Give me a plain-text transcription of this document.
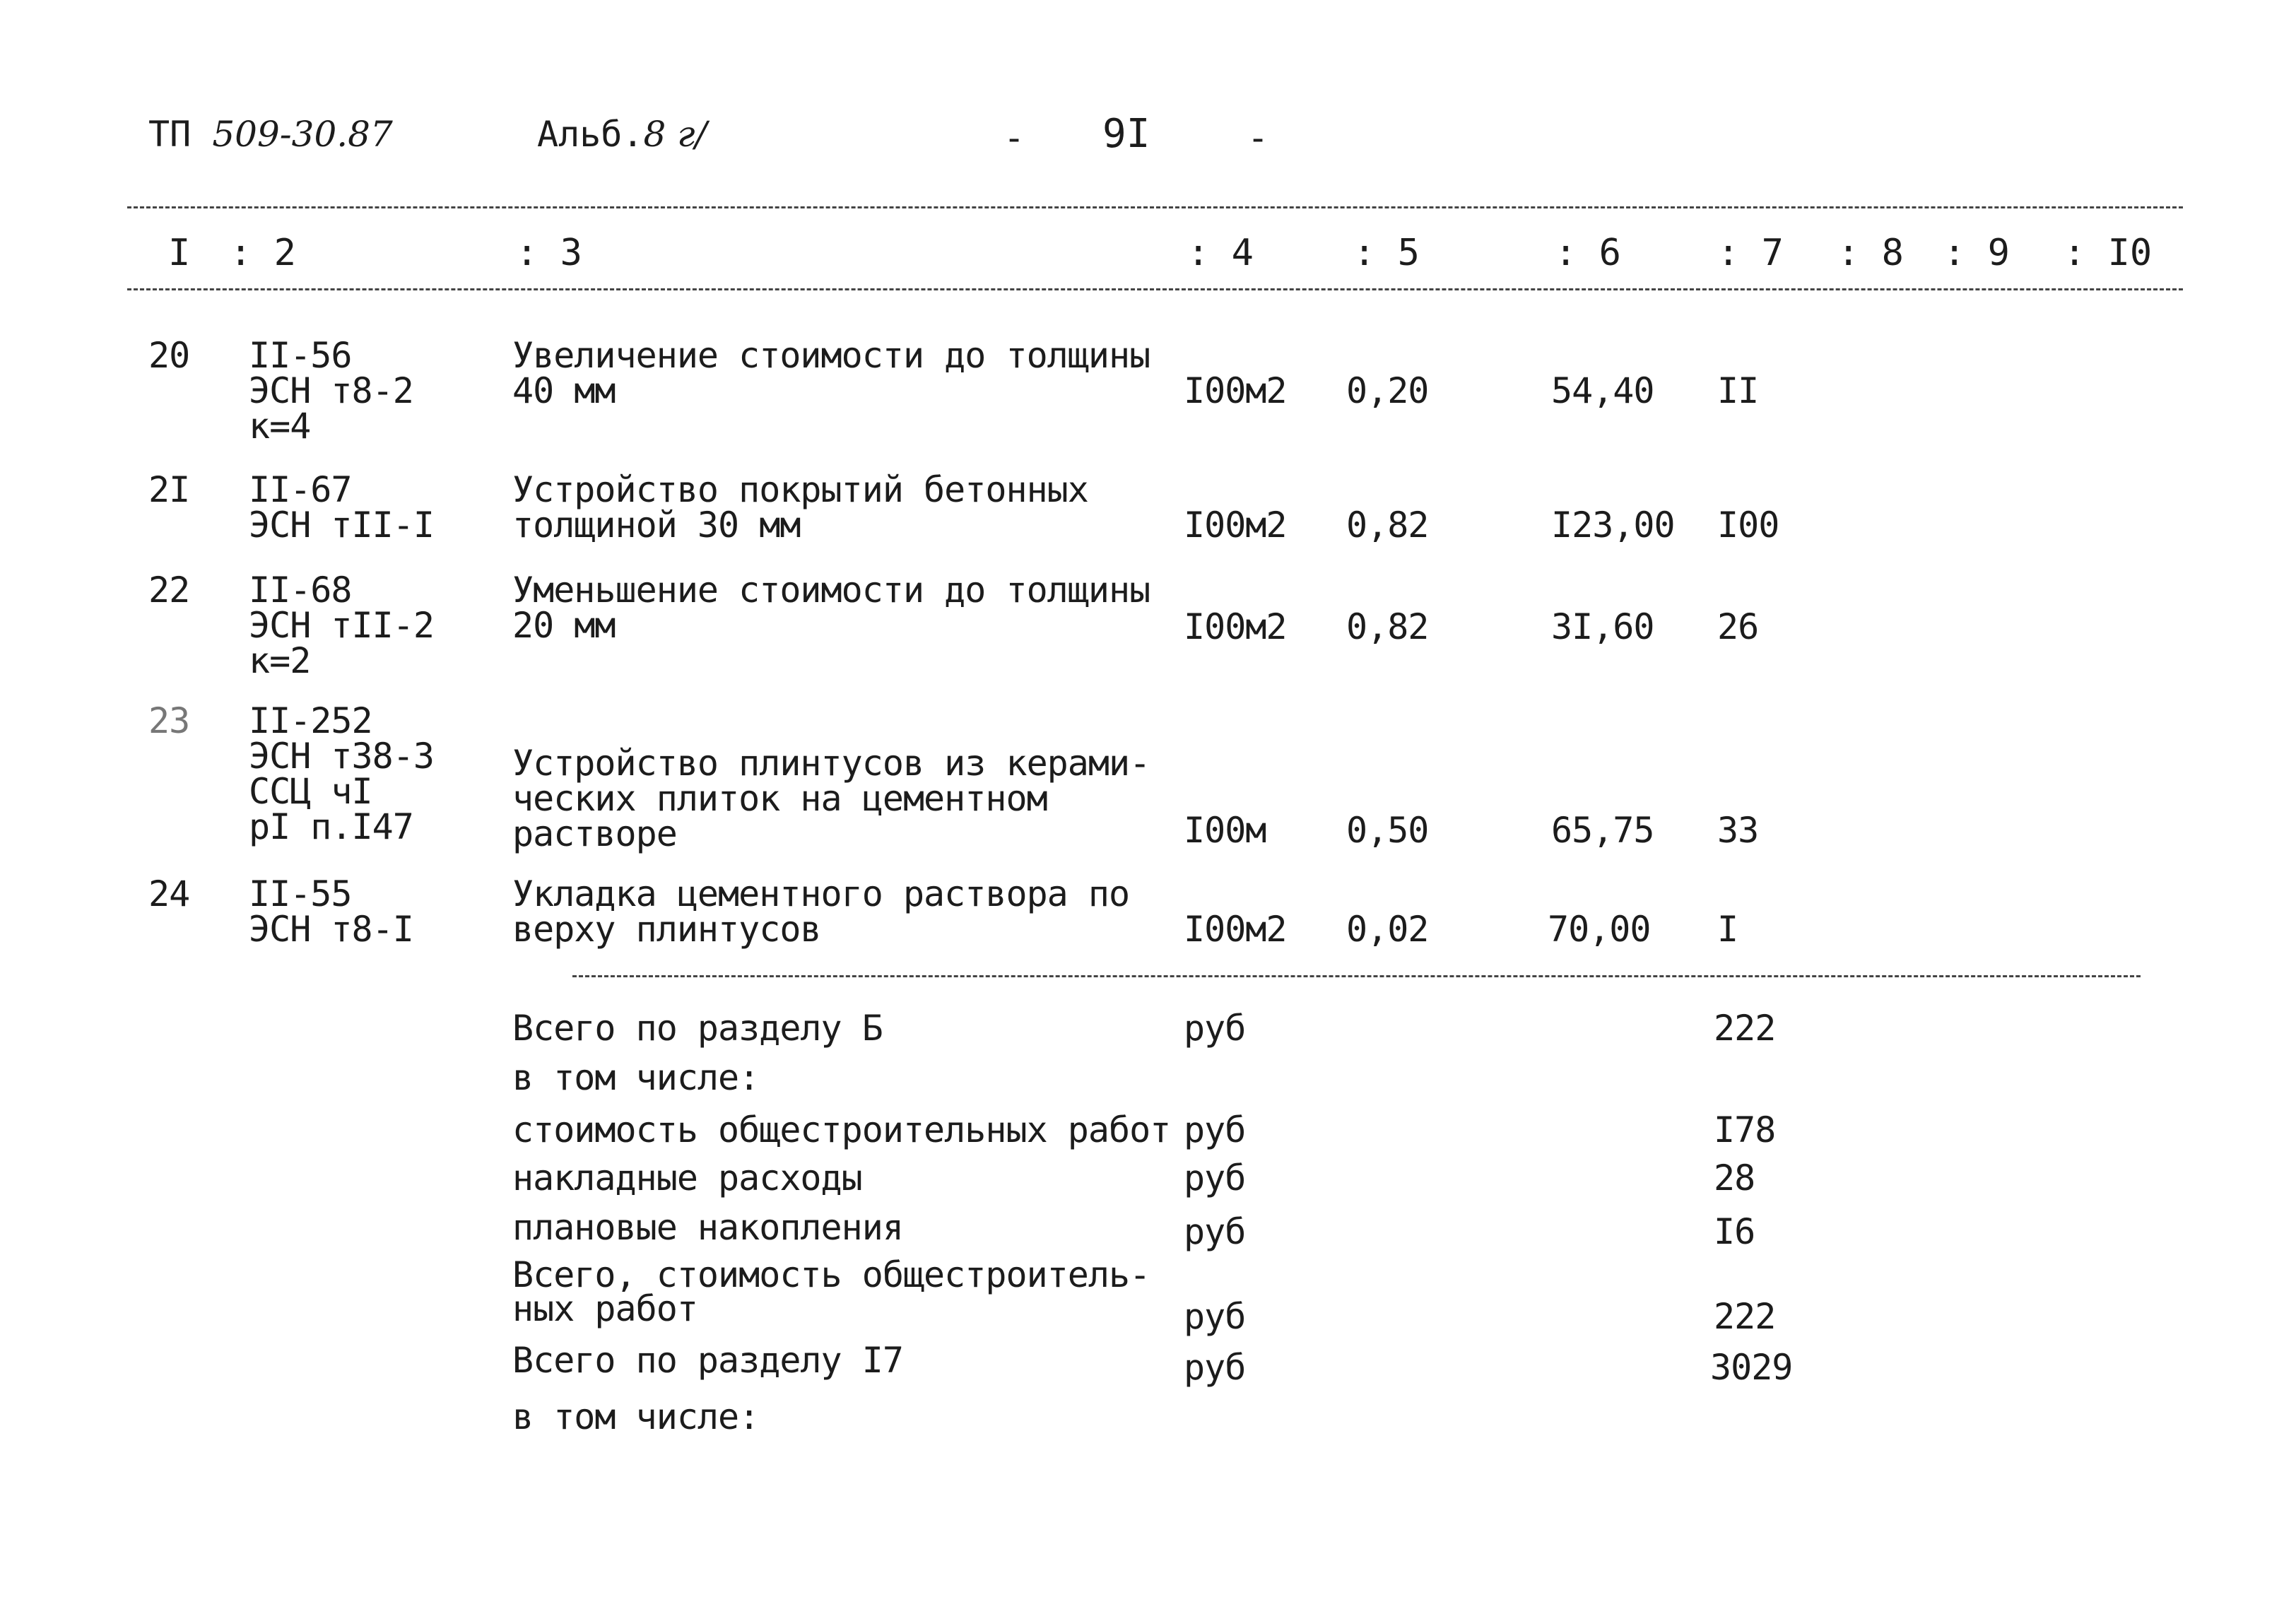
ТП 509-30.87	Альб.8 г/	- 9I	-
I : 2	: 3	: 4	: 5	: 6	: 7 : 8 : 9 : I0
20 II-56
ЭСН т8-2
к=4
Увеличение стоимости до толщины
40 мм	I00м2 0,20	54,40 II
2I II-67
ЭСН тII-I
Устройство покрытий бетонных
толщиной 30 мм	I00м2 0,82	I23,00 I00
22 II-68
ЭСН тII-2
к=2
Уменьшение стоимости до толщины
20 мм	I00м2 0,82	3I,60 26
23 II-252
ЭСН т38-3
ССЦ чI
рI п.I47
Устройство плинтусов из керами-
ческих плиток на цементном
растворе	I00м 0,50	65,75 33
24 II-55
ЭСН т8-I
Укладка цементного раствора по
верху плинтусов	I00м2 0,02	70,00 I
Всего по разделу Б	руб	222
в том числе:
стоимость общестроительных работ руб	I78
накладные расходы	руб	28
плановые накопления	руб	I6
Всего, стоимость общестроитель-
ных работ	руб	222
Всего по разделу I7	руб	3029
в том числе:
